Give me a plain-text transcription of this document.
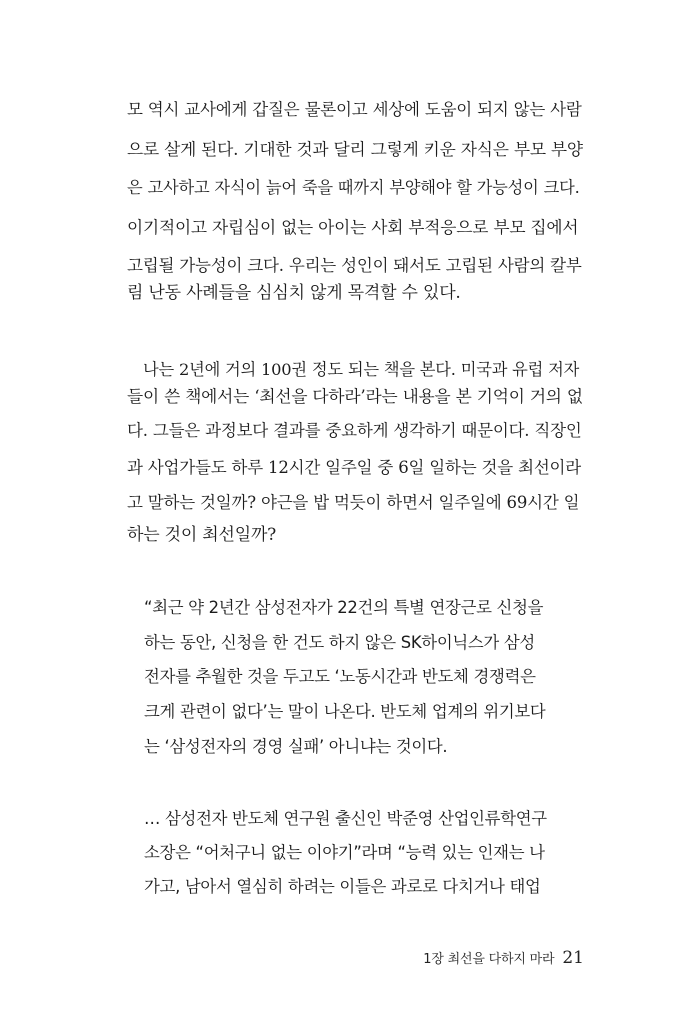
모 역시 교사에게 갑질은 물론이고 세상에 도움이 되지 않는 사람
으로 살게 된다. 기대한 것과 달리 그렇게 키운 자식은 부모 부양
은 고사하고 자식이 늙어 죽을 때까지 부양해야 할 가능성이 크다.
이기적이고 자립심이 없는 아이는 사회 부적응으로 부모 집에서
고립될 가능성이 크다. 우리는 성인이 돼서도 고립된 사람의 칼부
림 난동 사례들을 심심치 않게 목격할 수 있다.
나는 2년에 거의 100권 정도 되는 책을 본다. 미국과 유럽 저자
들이 쓴 책에서는 ‘최선을 다하라’라는 내용을 본 기억이 거의 없
다. 그들은 과정보다 결과를 중요하게 생각하기 때문이다. 직장인
과 사업가들도 하루 12시간 일주일 중 6일 일하는 것을 최선이라
고 말하는 것일까? 야근을 밥 먹듯이 하면서 일주일에 69시간 일
하는 것이 최선일까?
“최근 약 2년간 삼성전자가 22건의 특별 연장근로 신청을
하는 동안, 신청을 한 건도 하지 않은 SK하이닉스가 삼성
전자를 추월한 것을 두고도 ‘노동시간과 반도체 경쟁력은
크게 관련이 없다’는 말이 나온다. 반도체 업계의 위기보다
는 ‘삼성전자의 경영 실패’ 아니냐는 것이다.
… 삼성전자 반도체 연구원 출신인 박준영 산업인류학연구
소장은 “어처구니 없는 이야기”라며 “능력 있는 인재는 나
가고, 남아서 열심히 하려는 이들은 과로로 다치거나 태업
1장 최선을 다하지 마라 21
